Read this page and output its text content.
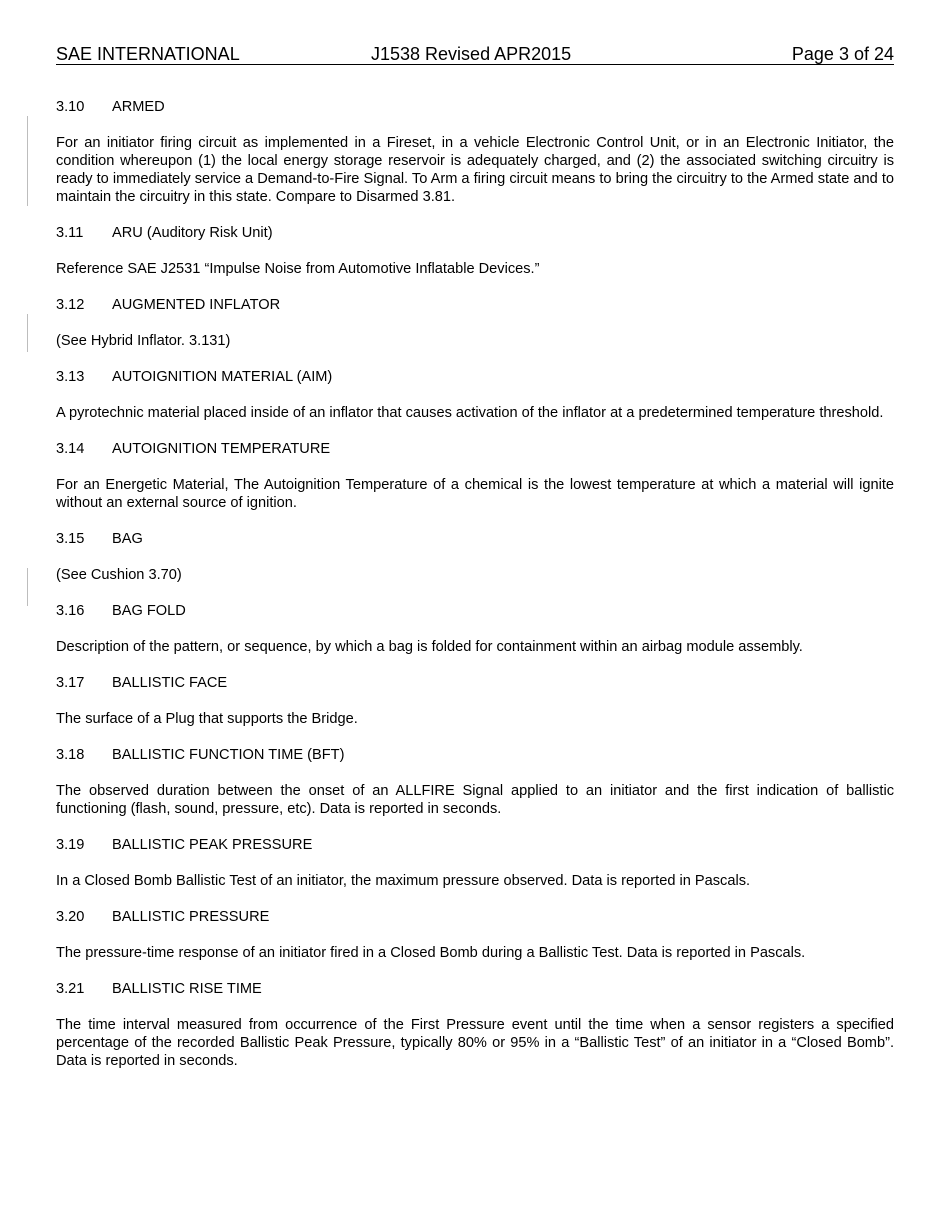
SAE INTERNATIONAL	J1538 Revised APR2015	Page 3 of 24
3.10	ARMED

For an initiator firing circuit as implemented in a Fireset, in a vehicle Electronic Control Unit, or in an Electronic Initiator, the condition whereupon (1) the local energy storage reservoir is adequately charged, and (2) the associated switching circuitry is ready to immediately service a Demand-to-Fire Signal. To Arm a firing circuit means to bring the circuitry to the Armed state and to maintain the circuitry in this state. Compare to Disarmed 3.81.

3.11	ARU (Auditory Risk Unit)

Reference SAE J2531 “Impulse Noise from Automotive Inflatable Devices.”

3.12	AUGMENTED INFLATOR

(See Hybrid Inflator. 3.131)

3.13	AUTOIGNITION MATERIAL (AIM)

A pyrotechnic material placed inside of an inflator that causes activation of the inflator at a predetermined temperature threshold.

3.14	AUTOIGNITION TEMPERATURE

For an Energetic Material, The Autoignition Temperature of a chemical is the lowest temperature at which a material will ignite without an external source of ignition.

3.15	BAG

(See Cushion 3.70)

3.16	BAG FOLD

Description of the pattern, or sequence, by which a bag is folded for containment within an airbag module assembly.

3.17	BALLISTIC FACE

The surface of a Plug that supports the Bridge.

3.18	BALLISTIC FUNCTION TIME (BFT)

The observed duration between the onset of an ALLFIRE Signal applied to an initiator and the first indication of ballistic functioning (flash, sound, pressure, etc). Data is reported in seconds.

3.19	BALLISTIC PEAK PRESSURE

In a Closed Bomb Ballistic Test of an initiator, the maximum pressure observed. Data is reported in Pascals.

3.20	BALLISTIC PRESSURE

The pressure-time response of an initiator fired in a Closed Bomb during a Ballistic Test. Data is reported in Pascals.

3.21	BALLISTIC RISE TIME

The time interval measured from occurrence of the First Pressure event until the time when a sensor registers a specified percentage of the recorded Ballistic Peak Pressure, typically 80% or 95% in a “Ballistic Test” of an initiator in a “Closed Bomb”. Data is reported in seconds.
